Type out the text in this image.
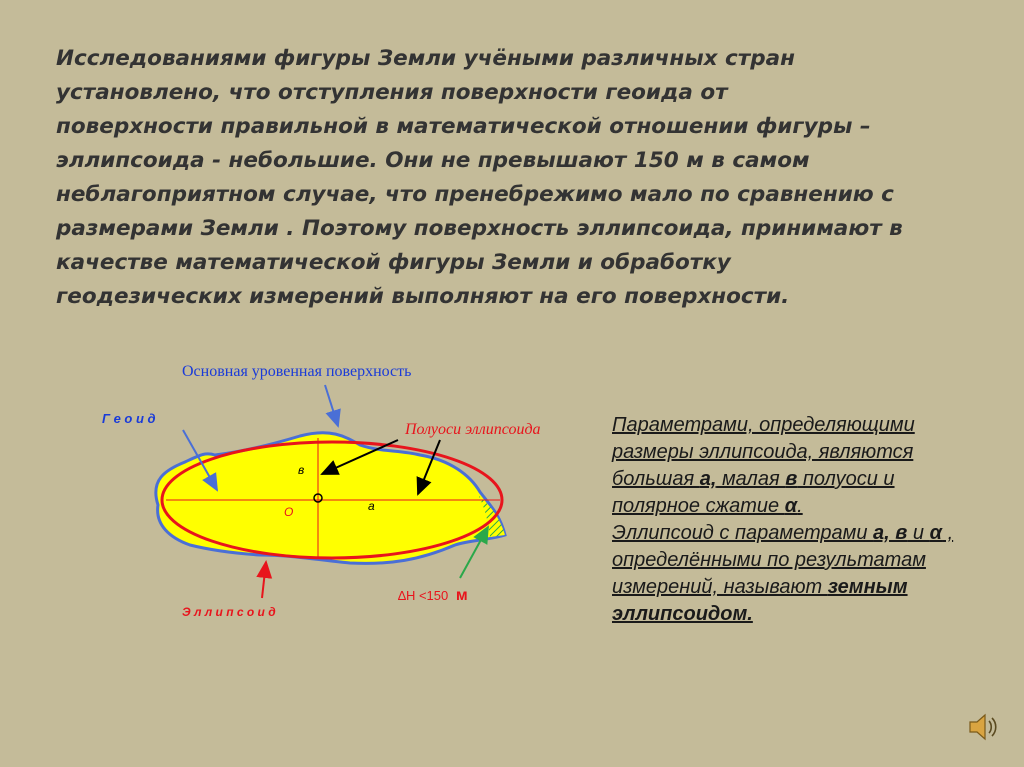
Исследованиями фигуры Земли учёными различных стран
установлено, что отступления поверхности геоида от
поверхности правильной в математической отношении фигуры –
эллипсоида - небольшие. Они не превышают 150 м в самом
неблагоприятном случае, что пренебрежимо мало по сравнению с
размерами Земли . Поэтому поверхность эллипсоида, принимают в
качестве математической фигуры Земли и обработку
геодезических измерений выполняют на его поверхности.

Основная уровенная поверхность
Г е о и д
Полуоси эллипсоида
в
О	а
Э л л и п с о и д
∆Н <150 м

Параметрами, определяющими размеры эллипсоида, являются большая а, малая в полуоси и полярное сжатие α.
Эллипсоид с параметрами а, в и α , определёнными по результатам измерений, называют земным эллипсоидом.
